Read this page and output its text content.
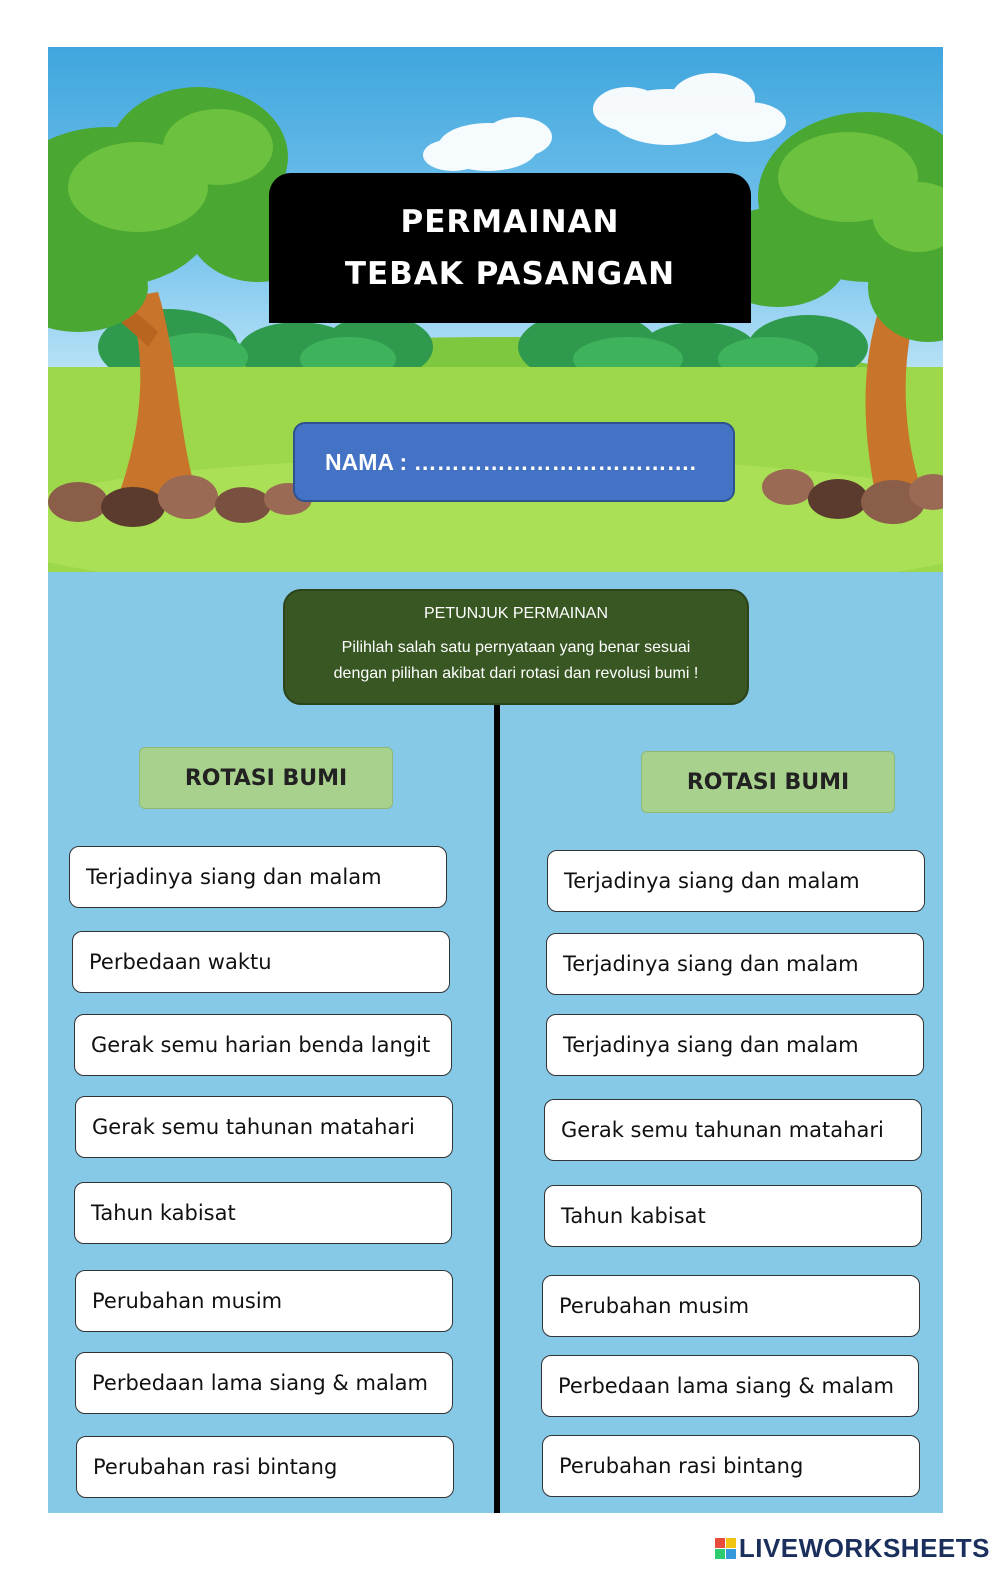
PERMAINAN
TEBAK PASANGAN
NAMA : ……………………………….
PETUNJUK PERMAINAN
Pilihlah salah satu pernyataan yang benar sesuai
dengan pilihan akibat dari rotasi dan revolusi bumi !
ROTASI BUMI
Terjadinya siang dan malam
Perbedaan waktu
Gerak semu harian benda langit
Gerak semu tahunan matahari
Tahun kabisat
Perubahan musim
Perbedaan lama siang & malam
Perubahan rasi bintang
ROTASI BUMI
Terjadinya siang dan malam
Terjadinya siang dan malam
Terjadinya siang dan malam
Gerak semu tahunan matahari
Tahun kabisat
Perubahan musim
Perbedaan lama siang & malam
Perubahan rasi bintang
LIVEWORKSHEETS
